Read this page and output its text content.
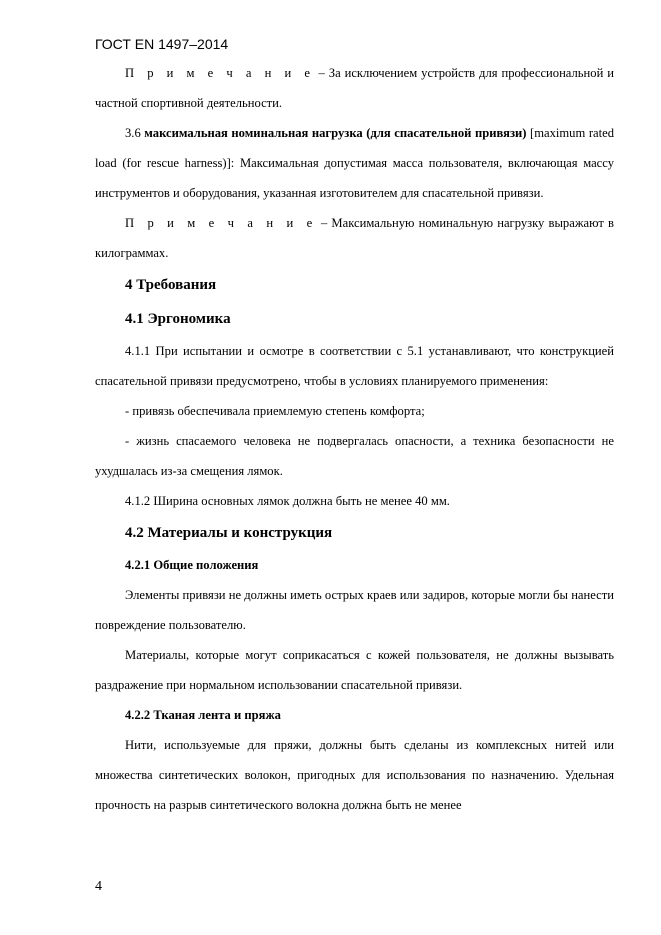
ГОСТ EN 1497–2014

П р и м е ч а н и е – За исключением устройств для профессиональной и частной спортивной деятельности.

3.6 максимальная номинальная нагрузка (для спасательной привязи) [maximum rated load (for rescue harness)]: Максимальная допустимая масса пользователя, включающая массу инструментов и оборудования, указанная изготовителем для спасательной привязи.

П р и м е ч а н и е – Максимальную номинальную нагрузку выражают в килограммах.

4 Требования

4.1 Эргономика

4.1.1 При испытании и осмотре в соответствии с 5.1 устанавливают, что конструкцией спасательной привязи предусмотрено, чтобы в условиях планируемого применения:

- привязь обеспечивала приемлемую степень комфорта;

- жизнь спасаемого человека не подвергалась опасности, а техника безопасности не ухудшалась из-за смещения лямок.

4.1.2 Ширина основных лямок должна быть не менее 40 мм.

4.2 Материалы и конструкция

4.2.1 Общие положения

Элементы привязи не должны иметь острых краев или задиров, которые могли бы нанести повреждение пользователю.

Материалы, которые могут соприкасаться с кожей пользователя, не должны вызывать раздражение при нормальном использовании спасательной привязи.

4.2.2 Тканая лента и пряжа

Нити, используемые для пряжи, должны быть сделаны из комплексных нитей или множества синтетических волокон, пригодных для использования по назначению. Удельная прочность на разрыв синтетического волокна должна быть не менее

4
